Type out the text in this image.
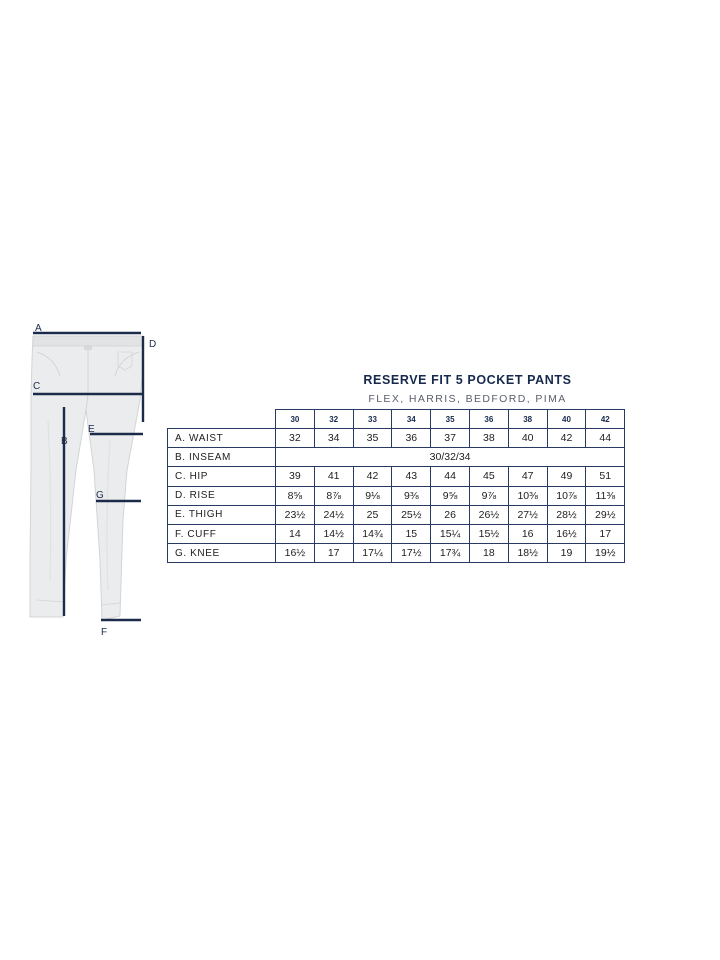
A
D
C
E
B
G
F
RESERVE FIT 5 POCKET PANTS
FLEX, HARRIS, BEDFORD, PIMA
	30	32	33	34	35	36	38	40	42
A. WAIST	32	34	35	36	37	38	40	42	44
B. INSEAM	30/32/34								
C. HIP	39	41	42	43	44	45	47	49	51
D. RISE	8⅝	8⅞	9⅛	9⅜	9⅝	9⅞	10⅜	10⅞	11⅜
E. THIGH	23½	24½	25	25½	26	26½	27½	28½	29½
F. CUFF	14	14½	14¾	15	15¼	15½	16	16½	17
G. KNEE	16½	17	17¼	17½	17¾	18	18½	19	19½
